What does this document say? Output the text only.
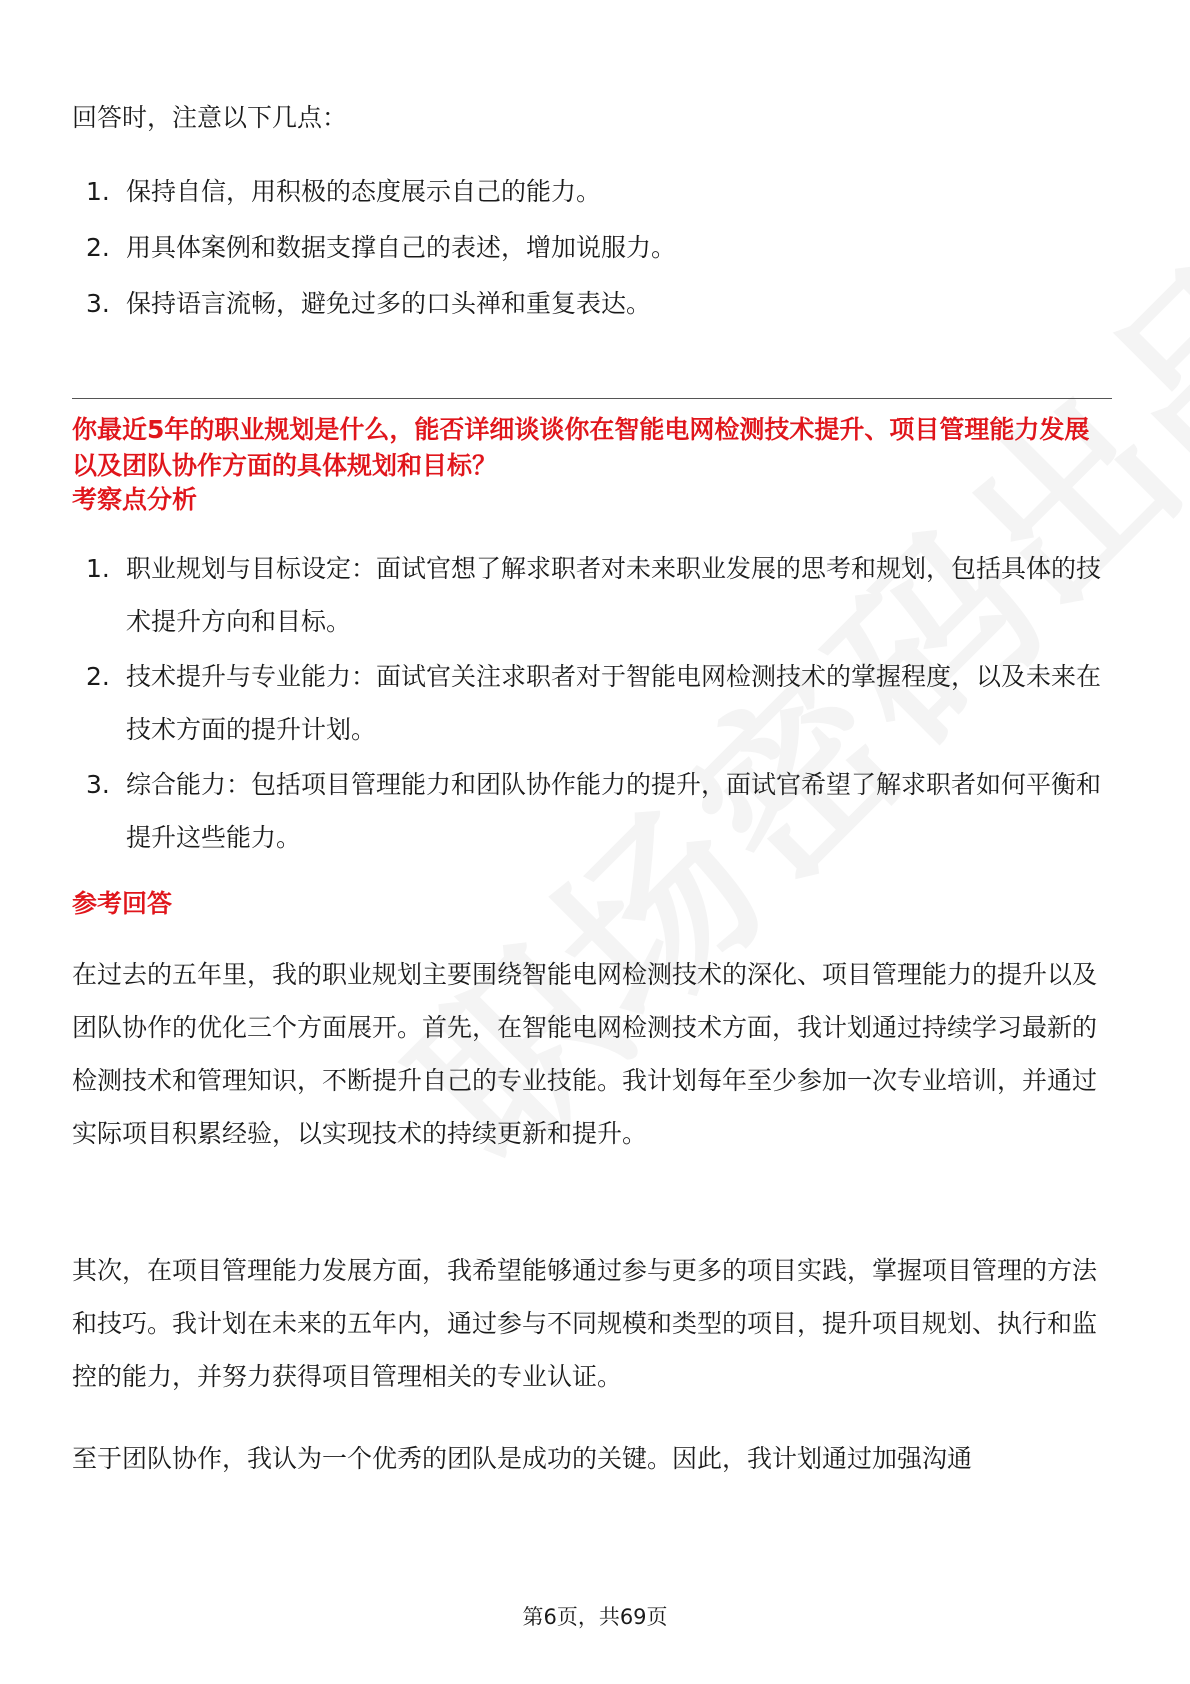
回答时，注意以下几点：

1. 保持自信，用积极的态度展示自己的能力。
2. 用具体案例和数据支撑自己的表述，增加说服力。
3. 保持语言流畅，避免过多的口头禅和重复表达。
你最近5年的职业规划是什么，能否详细谈谈你在智能电网检测技术提升、项目管理能力发展以及团队协作方面的具体规划和目标？
考察点分析
1. 职业规划与目标设定：面试官想了解求职者对未来职业发展的思考和规划，包括具体的技术提升方向和目标。
2. 技术提升与专业能力：面试官关注求职者对于智能电网检测技术的掌握程度，以及未来在技术方面的提升计划。
3. 综合能力：包括项目管理能力和团队协作能力的提升，面试官希望了解求职者如何平衡和提升这些能力。
参考回答

在过去的五年里，我的职业规划主要围绕智能电网检测技术的深化、项目管理能力的提升以及团队协作的优化三个方面展开。首先，在智能电网检测技术方面，我计划通过持续学习最新的检测技术和管理知识，不断提升自己的专业技能。我计划每年至少参加一次专业培训，并通过实际项目积累经验，以实现技术的持续更新和提升。

其次，在项目管理能力发展方面，我希望能够通过参与更多的项目实践，掌握项目管理的方法和技巧。我计划在未来的五年内，通过参与不同规模和类型的项目，提升项目规划、执行和监控的能力，并努力获得项目管理相关的专业认证。

至于团队协作，我认为一个优秀的团队是成功的关键。因此，我计划通过加强沟通

第6页，共69页
